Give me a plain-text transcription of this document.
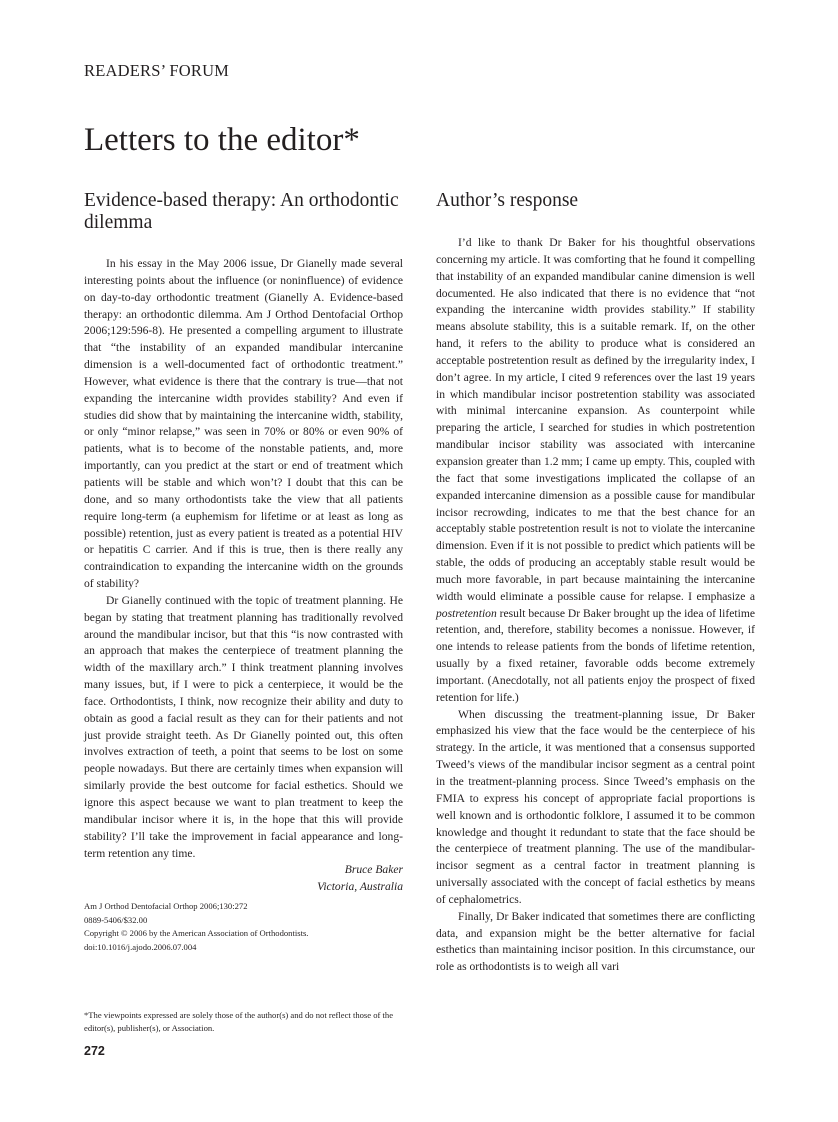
READERS’ FORUM
Letters to the editor*
Evidence-based therapy: An orthodontic dilemma

In his essay in the May 2006 issue, Dr Gianelly made several interesting points about the influence (or noninfluence) of evidence on day-to-day orthodontic treatment (Gianelly A. Evidence-based therapy: an orthodontic dilemma. Am J Orthod Dentofacial Orthop 2006;129:596-8). He presented a compelling argument to illustrate that “the instability of an expanded mandibular intercanine dimension is a well-documented fact of orthodontic treatment.” However, what evidence is there that the contrary is true—that not expanding the intercanine width provides stability? And even if studies did show that by maintaining the intercanine width, stability, or only “minor relapse,” was seen in 70% or 80% or even 90% of patients, what is to become of the nonstable patients, and, more importantly, can you predict at the start or end of treatment which patients will be stable and which won’t? I doubt that this can be done, and so many orthodontists take the view that all patients require long-term (a euphemism for lifetime or at least as long as possible) retention, just as every patient is treated as a potential HIV or hepatitis C carrier. And if this is true, then is there really any contraindication to expanding the intercanine width on the grounds of stability?

Dr Gianelly continued with the topic of treatment planning. He began by stating that treatment planning has traditionally revolved around the mandibular incisor, but that this “is now contrasted with an approach that makes the centerpiece of treatment planning the width of the maxillary arch.” I think treatment planning involves many issues, but, if I were to pick a centerpiece, it would be the face. Orthodontists, I think, now recognize their ability and duty to obtain as good a facial result as they can for their patients and not just provide straight teeth. As Dr Gianelly pointed out, this often involves extraction of teeth, a point that seems to be lost on some people nowadays. But there are certainly times when expansion will similarly provide the best outcome for facial esthetics. Should we ignore this aspect because we want to plan treatment to keep the mandibular incisor where it is, in the hope that this will provide stability? I’ll take the improvement in facial appearance and long-term retention any time.

Bruce Baker

Victoria, Australia

Am J Orthod Dentofacial Orthop 2006;130:272
0889-5406/$32.00
Copyright © 2006 by the American Association of Orthodontists.
doi:10.1016/j.ajodo.2006.07.004
Author’s response

I’d like to thank Dr Baker for his thoughtful observations concerning my article. It was comforting that he found it compelling that instability of an expanded mandibular canine dimension is well documented. He also indicated that there is no evidence that “not expanding the intercanine width provides stability.” If stability means absolute stability, this is a suitable remark. If, on the other hand, it refers to the ability to produce what is considered an acceptable postretention result as defined by the irregularity index, I don’t agree. In my article, I cited 9 references over the last 19 years in which mandibular incisor postretention stability was associated with minimal intercanine expansion. As counterpoint while preparing the article, I searched for studies in which postretention mandibular incisor stability was associated with intercanine expansion greater than 1.2 mm; I came up empty. This, coupled with the fact that some investigations implicated the collapse of an expanded intercanine dimension as a possible cause for mandibular incisor recrowding, indicates to me that the best chance for an acceptably stable postretention result is not to violate the intercanine dimension. Even if it is not possible to predict which patients will be stable, the odds of producing an acceptably stable result would be much more favorable, in part because maintaining the intercanine width would eliminate a possible cause for relapse. I emphasize a postretention result because Dr Baker brought up the idea of lifetime retention, and, therefore, stability becomes a nonissue. However, if one intends to release patients from the bonds of lifetime retention, usually by a fixed retainer, favorable odds become extremely important. (Anecdotally, not all patients enjoy the prospect of fixed retention for life.)

When discussing the treatment-planning issue, Dr Baker emphasized his view that the face would be the centerpiece of his strategy. In the article, it was mentioned that a consensus supported Tweed’s views of the mandibular incisor segment as a central point in the treatment-planning process. Since Tweed’s emphasis on the FMIA to express his concept of appropriate facial proportions is well known and is orthodontic folklore, I assumed it to be common knowledge and thought it redundant to state that the face should be the centerpiece of treatment planning. The use of the mandibular-incisor segment as a central factor in treatment planning is universally associated with the concept of facial esthetics by means of cephalometrics.

Finally, Dr Baker indicated that sometimes there are conflicting data, and expansion might be the better alternative for facial esthetics than maintaining incisor position. In this circumstance, our role as orthodontists is to weigh all vari

*The viewpoints expressed are solely those of the author(s) and do not reflect those of the editor(s), publisher(s), or Association.
272
